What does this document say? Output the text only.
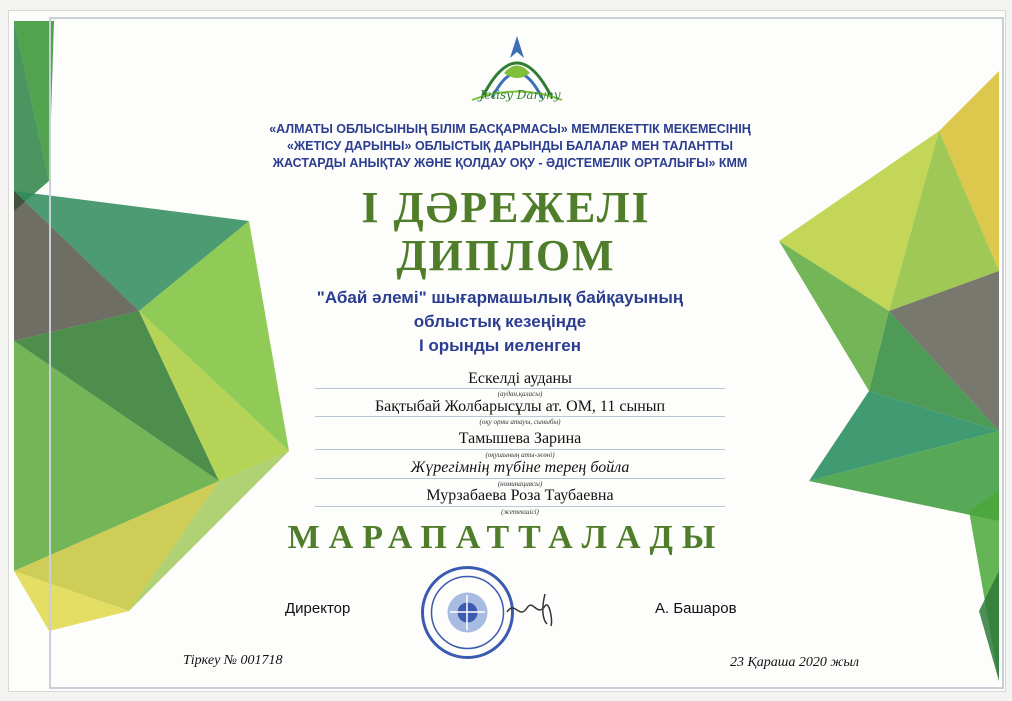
Jetisy Daryny
«АЛМАТЫ ОБЛЫСЫНЫҢ БІЛІМ БАСҚАРМАСЫ» МЕМЛЕКЕТТІК МЕКЕМЕСІНІҢ
«ЖЕТІСУ ДАРЫНЫ» ОБЛЫСТЫҚ ДАРЫНДЫ БАЛАЛАР МЕН ТАЛАНТТЫ
ЖАСТАРДЫ АНЫҚТАУ ЖӘНЕ ҚОЛДАУ ОҚУ - ӘДІСТЕМЕЛІК ОРТАЛЫҒЫ» КММ
І ДӘРЕЖЕЛІ
ДИПЛОМ
"Абай әлемі" шығармашылық байқауының
облыстық кезеңінде
І орынды иеленген
Ескелді ауданы
(аудан,қаласы)
Бақтыбай Жолбарысұлы ат. ОМ, 11 сынып
(оқу орны атауы, сыныбы)
Тамышева Зарина
(оқушының аты-жөні)
Жүрегімнің түбіне терең бойла
(номинациясы)
Мурзабаева Роза Таубаевна
(жетекшісі)
МАРАПАТТАЛАДЫ
Директор	А. Башаров
Тіркеу № 001718	23 Қараша 2020 жыл
